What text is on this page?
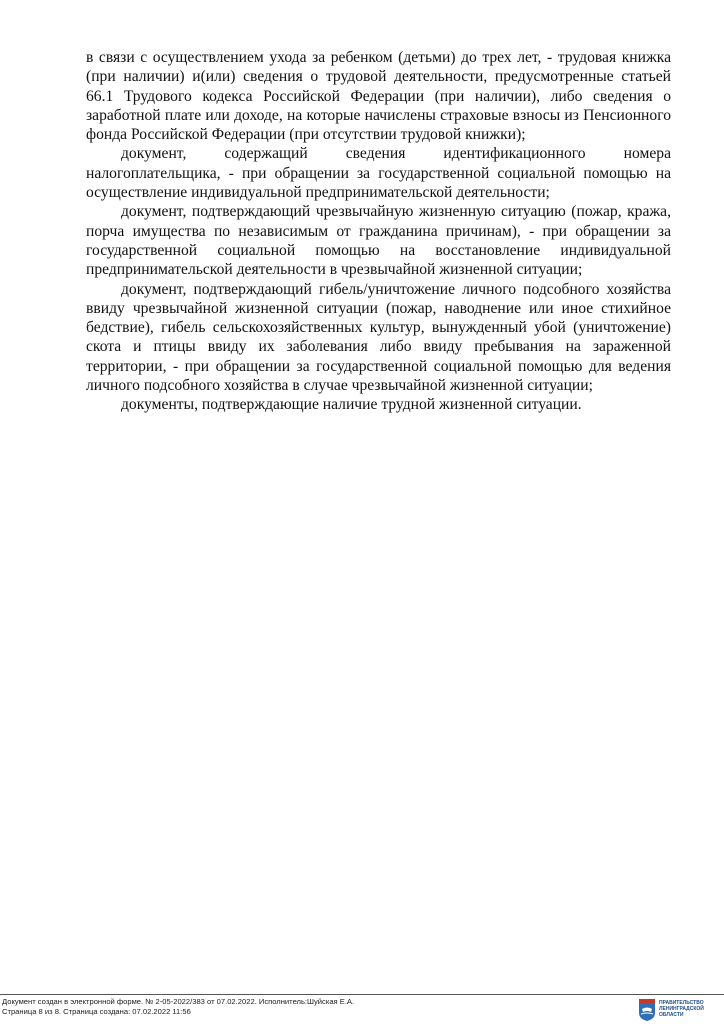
в связи с осуществлением ухода за ребенком (детьми) до трех лет, - трудовая книжка (при наличии) и(или) сведения о трудовой деятельности, предусмотренные статьей 66.1 Трудового кодекса Российской Федерации (при наличии), либо сведения о заработной плате или доходе, на которые начислены страховые взносы из Пенсионного фонда Российской Федерации (при отсутствии трудовой книжки);

документ, содержащий сведения идентификационного номера налогоплательщика, - при обращении за государственной социальной помощью на осуществление индивидуальной предпринимательской деятельности;

документ, подтверждающий чрезвычайную жизненную ситуацию (пожар, кража, порча имущества по независимым от гражданина причинам), - при обращении за государственной социальной помощью на восстановление индивидуальной предпринимательской деятельности в чрезвычайной жизненной ситуации;

документ, подтверждающий гибель/уничтожение личного подсобного хозяйства ввиду чрезвычайной жизненной ситуации (пожар, наводнение или иное стихийное бедствие), гибель сельскохозяйственных культур, вынужденный убой (уничтожение) скота и птицы ввиду их заболевания либо ввиду пребывания на зараженной территории, - при обращении за государственной социальной помощью для ведения личного подсобного хозяйства в случае чрезвычайной жизненной ситуации;

документы, подтверждающие наличие трудной жизненной ситуации.

Документ создан в электронной форме. № 2-05-2022/383 от 07.02.2022. Исполнитель:Шуйская Е.А.
Страница 8 из 8. Страница создана: 07.02.2022 11:56
ПРАВИТЕЛЬСТВО
ЛЕНИНГРАДСКОЙ
ОБЛАСТИ
